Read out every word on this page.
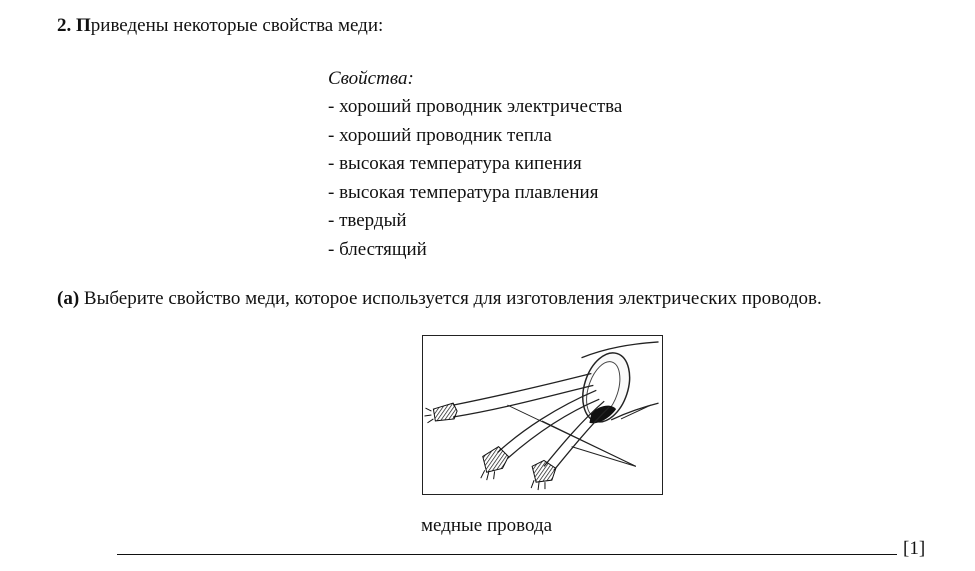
2. Приведены некоторые свойства меди:
Свойства:
- хороший проводник электричества
- хороший проводник тепла
- высокая температура кипения
- высокая температура плавления
- твердый
- блестящий
(а) Выберите свойство меди, которое используется для изготовления электрических проводов.
медные провода
[1]
